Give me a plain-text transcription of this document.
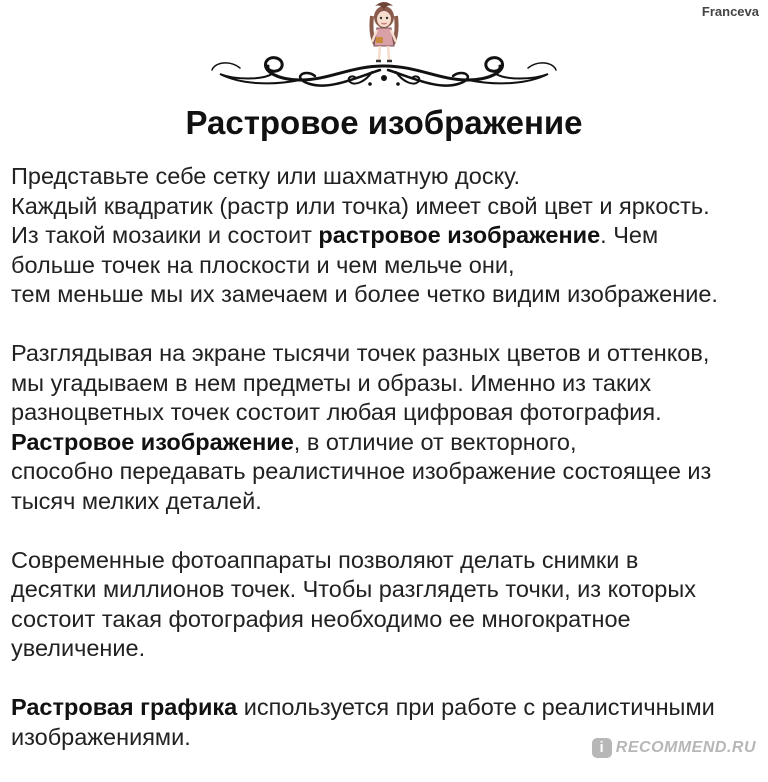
Franceva
Растровое изображение

Представьте себе сетку или шахматную доску.
Каждый квадратик (растр или точка) имеет свой цвет и яркость.
Из такой мозаики и состоит растровое изображение. Чем
больше точек на плоскости и чем мельче они,
тем меньше мы их замечаем и более четко видим изображение.

Разглядывая на экране тысячи точек разных цветов и оттенков,
мы угадываем в нем предметы и образы. Именно из таких
разноцветных точек состоит любая цифровая фотография.
Растровое изображение, в отличие от векторного,
способно передавать реалистичное изображение состоящее из
тысяч мелких деталей.

Современные фотоаппараты позволяют делать снимки в
десятки миллионов точек. Чтобы разглядеть точки, из которых
состоит такая фотография необходимо ее многократное
увеличение.

Растровая графика используется при работе с реалистичными
изображениями.	i RECOMMEND.RU
